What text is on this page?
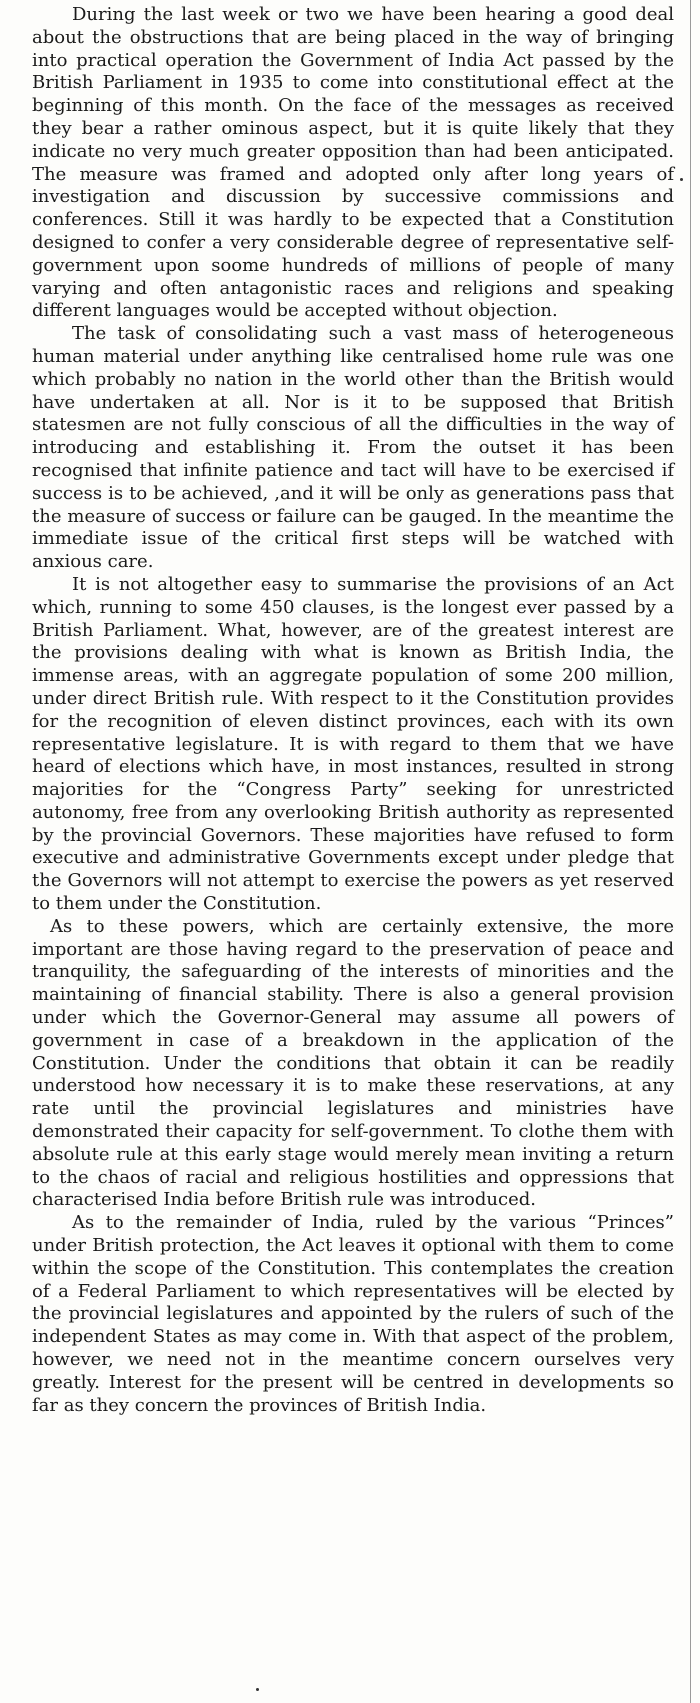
During the last week or two we have been hearing a good deal about the obstructions that are being placed in the way of bringing into practical operation the Government of India Act passed by the British Parliament in 1935 to come into constitutional effect at the beginning of this month. On the face of the messages as received they bear a rather ominous aspect, but it is quite likely that they indicate no very much greater opposition than had been anticipated. The measure was framed and adopted only after long years of investigation and discussion by successive commissions and conferences. Still it was hardly to be expected that a Constitution designed to confer a very considerable degree of representative self-government upon soome hundreds of millions of people of many varying and often antagonistic races and religions and speaking different languages would be accepted without objection.

The task of consolidating such a vast mass of heterogeneous human material under anything like centralised home rule was one which probably no nation in the world other than the British would have undertaken at all. Nor is it to be supposed that British statesmen are not fully conscious of all the difficulties in the way of introducing and establishing it. From the outset it has been recognised that infinite patience and tact will have to be exercised if success is to be achieved, ,and it will be only as generations pass that the measure of success or failure can be gauged. In the meantime the immediate issue of the critical first steps will be watched with anxious care.

It is not altogether easy to summarise the provisions of an Act which, running to some 450 clauses, is the longest ever passed by a British Parliament. What, however, are of the greatest interest are the provisions dealing with what is known as British India, the immense areas, with an aggregate population of some 200 million, under direct British rule. With respect to it the Constitution provides for the recognition of eleven distinct provinces, each with its own representative legislature. It is with regard to them that we have heard of elections which have, in most instances, resulted in strong majorities for the “Congress Party” seeking for unrestricted autonomy, free from any overlooking British authority as represented by the provincial Governors. These majorities have refused to form executive and administrative Governments except under pledge that the Governors will not attempt to exercise the powers as yet reserved to them under the Constitution.

As to these powers, which are certainly extensive, the more important are those having regard to the preservation of peace and tranquility, the safeguarding of the interests of minorities and the maintaining of financial stability. There is also a general provision under which the Governor-General may assume all powers of government in case of a breakdown in the application of the Constitution. Under the conditions that obtain it can be readily understood how necessary it is to make these reservations, at any rate until the provincial legislatures and ministries have demonstrated their capacity for self-government. To clothe them with absolute rule at this early stage would merely mean inviting a return to the chaos of racial and religious hostilities and oppressions that characterised India before British rule was introduced.

As to the remainder of India, ruled by the various “Princes” under British protection, the Act leaves it optional with them to come within the scope of the Constitution. This contemplates the creation of a Federal Parliament to which representatives will be elected by the provincial legislatures and appointed by the rulers of such of the independent States as may come in. With that aspect of the problem, however, we need not in the meantime concern ourselves very greatly. Interest for the present will be centred in developments so far as they concern the provinces of British India.
